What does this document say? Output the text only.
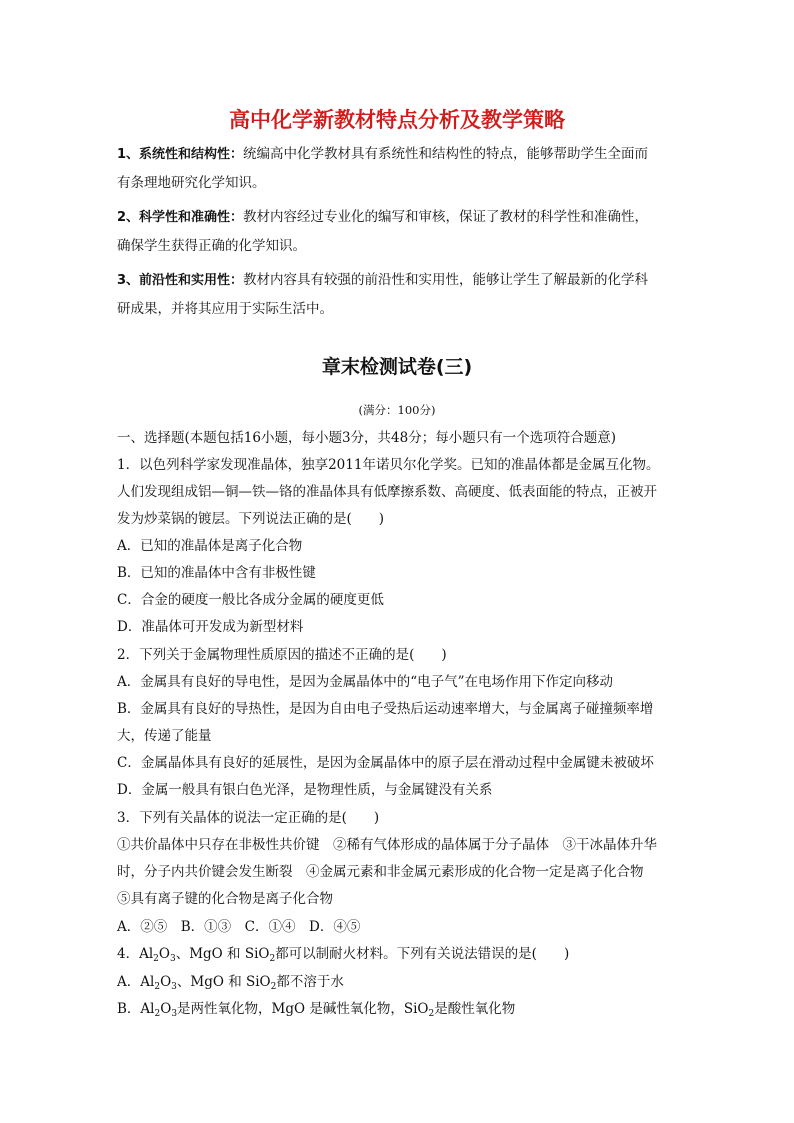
高中化学新教材特点分析及教学策略
1、系统性和结构性：统编高中化学教材具有系统性和结构性的特点，能够帮助学生全面而
有条理地研究化学知识。
2、科学性和准确性：教材内容经过专业化的编写和审核，保证了教材的科学性和准确性，
确保学生获得正确的化学知识。
3、前沿性和实用性：教材内容具有较强的前沿性和实用性，能够让学生了解最新的化学科
研成果，并将其应用于实际生活中。
章末检测试卷(三)
(满分：100分)
一、选择题(本题包括16小题，每小题3分，共48分；每小题只有一个选项符合题意)
1．以色列科学家发现准晶体，独享2011年诺贝尔化学奖。已知的准晶体都是金属互化物。
人们发现组成铝—铜—铁—铬的准晶体具有低摩擦系数、高硬度、低表面能的特点，正被开
发为炒菜锅的镀层。下列说法正确的是(　　)
A．已知的准晶体是离子化合物
B．已知的准晶体中含有非极性键
C．合金的硬度一般比各成分金属的硬度更低
D．准晶体可开发成为新型材料
2．下列关于金属物理性质原因的描述不正确的是(　　)
A．金属具有良好的导电性，是因为金属晶体中的“电子气”在电场作用下作定向移动
B．金属具有良好的导热性，是因为自由电子受热后运动速率增大，与金属离子碰撞频率增
大，传递了能量
C．金属晶体具有良好的延展性，是因为金属晶体中的原子层在滑动过程中金属键未被破坏
D．金属一般具有银白色光泽，是物理性质，与金属键没有关系
3．下列有关晶体的说法一定正确的是(　　)
①共价晶体中只存在非极性共价键　②稀有气体形成的晶体属于分子晶体　③干冰晶体升华
时，分子内共价键会发生断裂　④金属元素和非金属元素形成的化合物一定是离子化合物
⑤具有离子键的化合物是离子化合物
A．②⑤　B．①③　C．①④　D．④⑤
4．$Al_2O_3$、MgO 和 SiO$_2$都可以制耐火材料。下列有关说法错误的是(　　)
A．$Al_2O_3$、MgO 和 SiO$_2$都不溶于水
B．$Al_2O_3$是两性氧化物，MgO 是碱性氧化物，SiO$_2$是酸性氧化物
